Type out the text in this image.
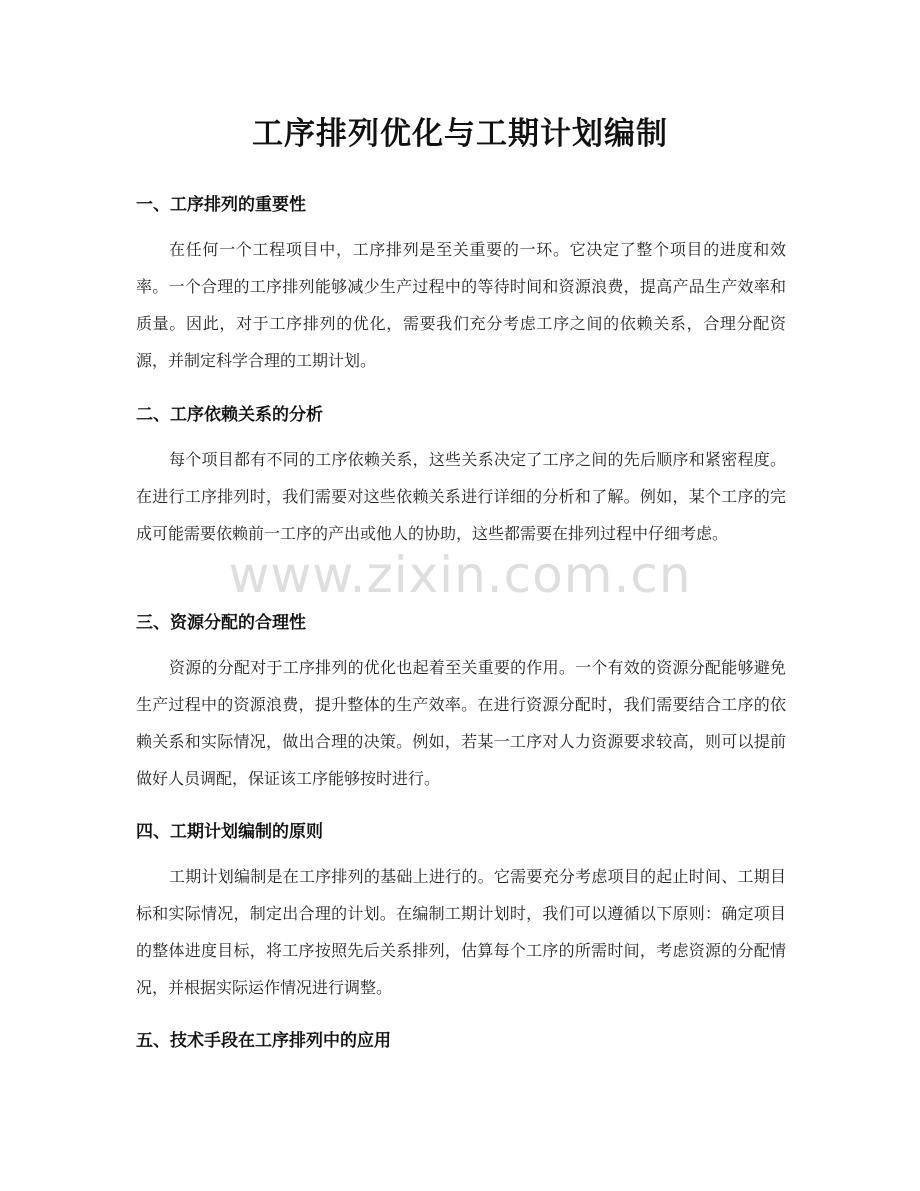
工序排列优化与工期计划编制
一、工序排列的重要性
在任何一个工程项目中，工序排列是至关重要的一环。它决定了整个项目的进度和效率。一个合理的工序排列能够减少生产过程中的等待时间和资源浪费，提高产品生产效率和质量。因此，对于工序排列的优化，需要我们充分考虑工序之间的依赖关系，合理分配资源，并制定科学合理的工期计划。
二、工序依赖关系的分析
每个项目都有不同的工序依赖关系，这些关系决定了工序之间的先后顺序和紧密程度。在进行工序排列时，我们需要对这些依赖关系进行详细的分析和了解。例如，某个工序的完成可能需要依赖前一工序的产出或他人的协助，这些都需要在排列过程中仔细考虑。
三、资源分配的合理性
资源的分配对于工序排列的优化也起着至关重要的作用。一个有效的资源分配能够避免生产过程中的资源浪费，提升整体的生产效率。在进行资源分配时，我们需要结合工序的依赖关系和实际情况，做出合理的决策。例如，若某一工序对人力资源要求较高，则可以提前做好人员调配，保证该工序能够按时进行。
四、工期计划编制的原则
工期计划编制是在工序排列的基础上进行的。它需要充分考虑项目的起止时间、工期目标和实际情况，制定出合理的计划。在编制工期计划时，我们可以遵循以下原则：确定项目的整体进度目标，将工序按照先后关系排列，估算每个工序的所需时间，考虑资源的分配情况，并根据实际运作情况进行调整。
五、技术手段在工序排列中的应用
www.zixin.com.cn
